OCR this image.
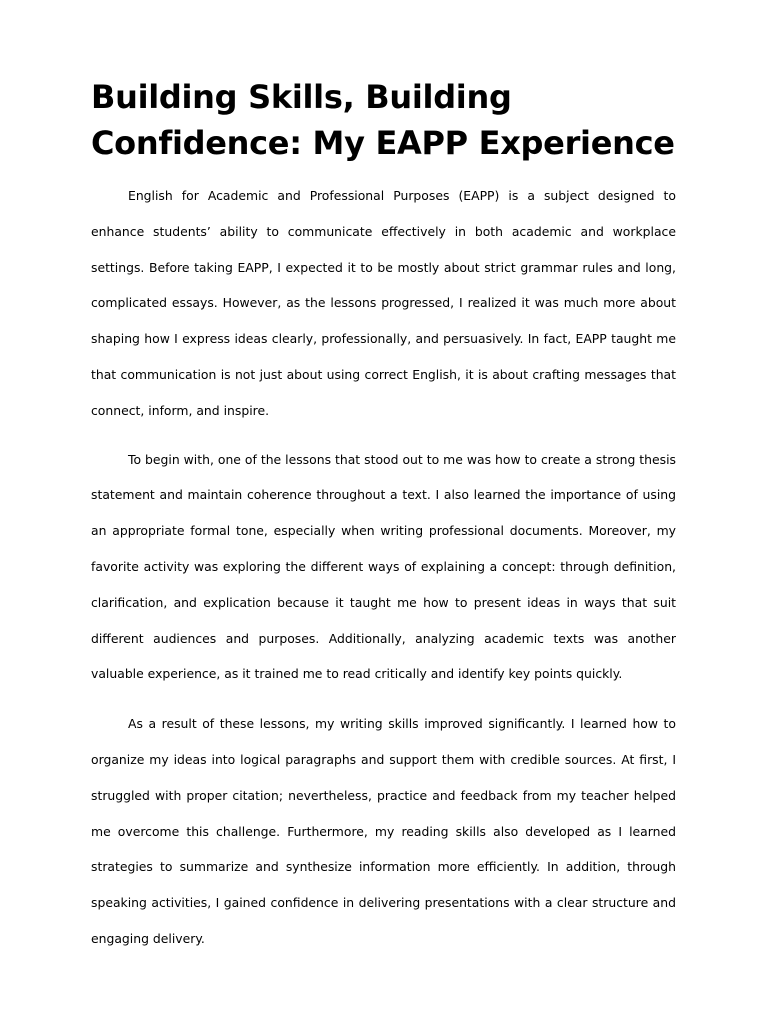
Building Skills, Building
Confidence: My EAPP Experience

English for Academic and Professional Purposes (EAPP) is a subject designed to enhance students’ ability to communicate effectively in both academic and workplace settings. Before taking EAPP, I expected it to be mostly about strict grammar rules and long, complicated essays. However, as the lessons progressed, I realized it was much more about shaping how I express ideas clearly, professionally, and persuasively. In fact, EAPP taught me that communication is not just about using correct English, it is about crafting messages that connect, inform, and inspire.

To begin with, one of the lessons that stood out to me was how to create a strong thesis statement and maintain coherence throughout a text. I also learned the importance of using an appropriate formal tone, especially when writing professional documents. Moreover, my favorite activity was exploring the different ways of explaining a concept: through definition, clarification, and explication because it taught me how to present ideas in ways that suit different audiences and purposes. Additionally, analyzing academic texts was another valuable experience, as it trained me to read critically and identify key points quickly.

As a result of these lessons, my writing skills improved significantly. I learned how to organize my ideas into logical paragraphs and support them with credible sources. At first, I struggled with proper citation; nevertheless, practice and feedback from my teacher helped me overcome this challenge. Furthermore, my reading skills also developed as I learned strategies to summarize and synthesize information more efficiently. In addition, through speaking activities, I gained confidence in delivering presentations with a clear structure and engaging delivery.
